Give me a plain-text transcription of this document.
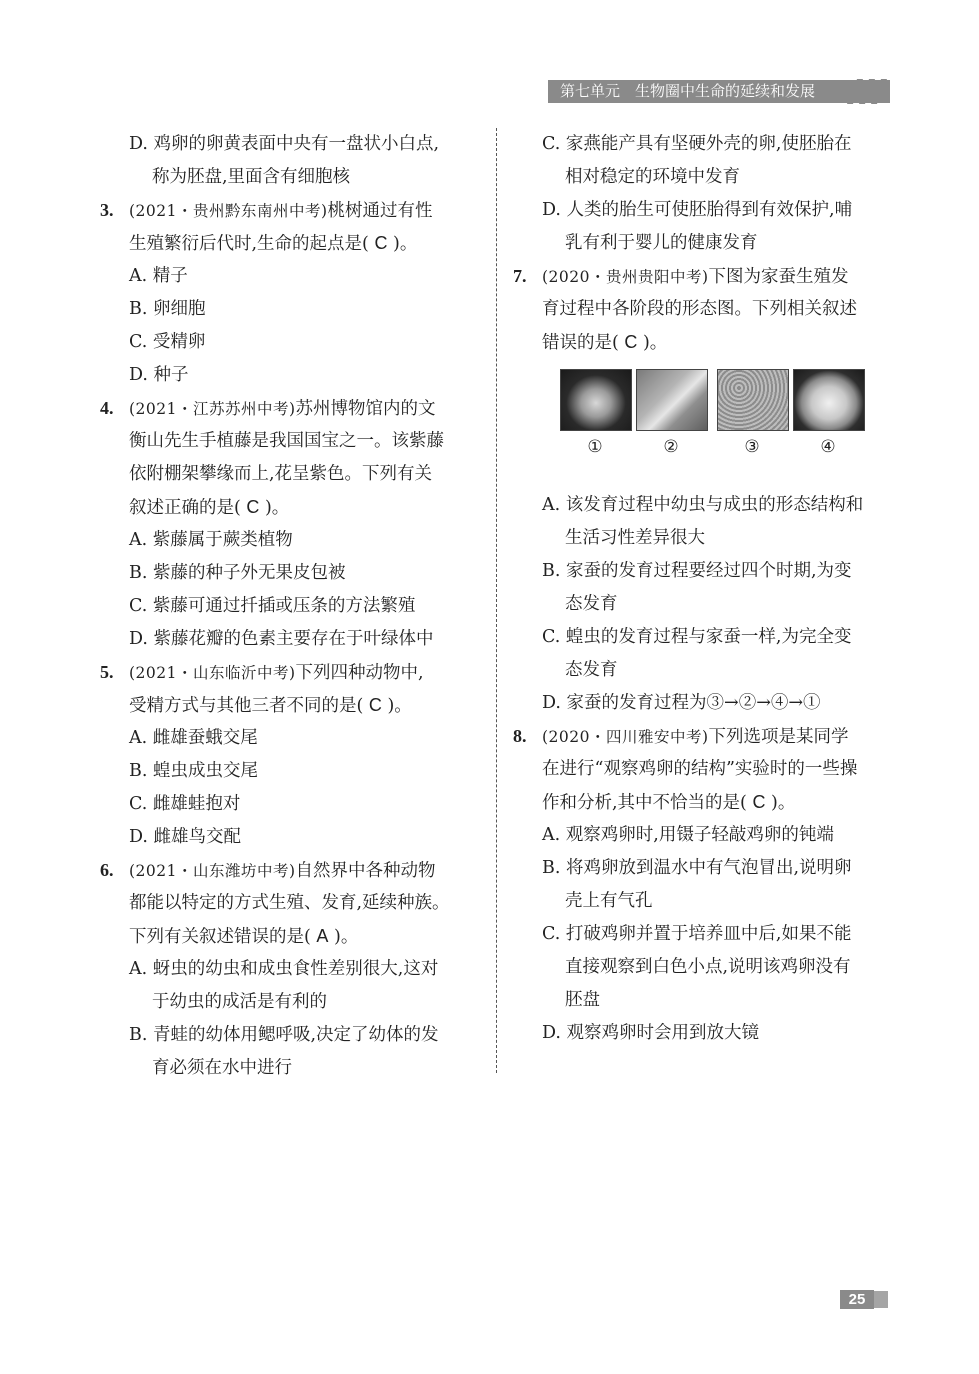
第七单元　生物圈中生命的延续和发展
D. 鸡卵的卵黄表面中央有一盘状小白点,
称为胚盘,里面含有细胞核
3. (2021・贵州黔东南州中考)桃树通过有性
生殖繁衍后代时,生命的起点是( C )。
A. 精子
B. 卵细胞
C. 受精卵
D. 种子
4. (2021・江苏苏州中考)苏州博物馆内的文
衡山先生手植藤是我国国宝之一。该紫藤
依附棚架攀缘而上,花呈紫色。下列有关
叙述正确的是( C )。
A. 紫藤属于蕨类植物
B. 紫藤的种子外无果皮包被
C. 紫藤可通过扦插或压条的方法繁殖
D. 紫藤花瓣的色素主要存在于叶绿体中
5. (2021・山东临沂中考)下列四种动物中,
受精方式与其他三者不同的是( C )。
A. 雌雄蚕蛾交尾
B. 蝗虫成虫交尾
C. 雌雄蛙抱对
D. 雌雄鸟交配
6. (2021・山东潍坊中考)自然界中各种动物
都能以特定的方式生殖、发育,延续种族。
下列有关叙述错误的是( A )。
A. 蚜虫的幼虫和成虫食性差别很大,这对
于幼虫的成活是有利的
B. 青蛙的幼体用鳃呼吸,决定了幼体的发
育必须在水中进行
C. 家燕能产具有坚硬外壳的卵,使胚胎在
相对稳定的环境中发育
D. 人类的胎生可使胚胎得到有效保护,哺
乳有利于婴儿的健康发育
7. (2020・贵州贵阳中考)下图为家蚕生殖发
育过程中各阶段的形态图。下列相关叙述
错误的是( C )。
①	②	③	④
A. 该发育过程中幼虫与成虫的形态结构和
生活习性差异很大
B. 家蚕的发育过程要经过四个时期,为变
态发育
C. 蝗虫的发育过程与家蚕一样,为完全变
态发育
D. 家蚕的发育过程为③→②→④→①
8. (2020・四川雅安中考)下列选项是某同学
在进行“观察鸡卵的结构”实验时的一些操
作和分析,其中不恰当的是( C )。
A. 观察鸡卵时,用镊子轻敲鸡卵的钝端
B. 将鸡卵放到温水中有气泡冒出,说明卵
壳上有气孔
C. 打破鸡卵并置于培养皿中后,如果不能
直接观察到白色小点,说明该鸡卵没有
胚盘
D. 观察鸡卵时会用到放大镜
25
